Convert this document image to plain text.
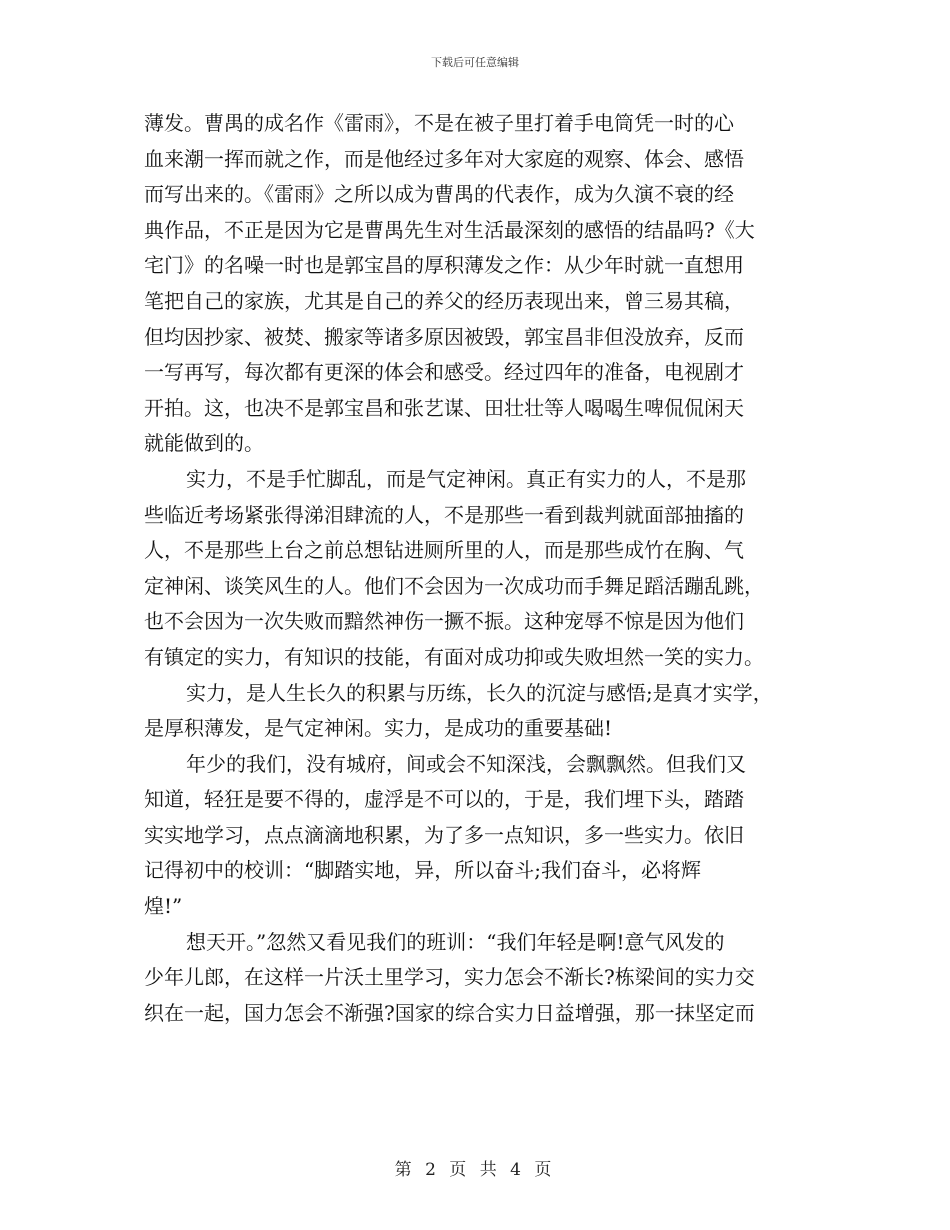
下载后可任意编辑
薄发。曹禺的成名作《雷雨》，不是在被子里打着手电筒凭一时的心
血来潮一挥而就之作，而是他经过多年对大家庭的观察、体会、感悟
而写出来的。《雷雨》之所以成为曹禺的代表作，成为久演不衰的经
典作品，不正是因为它是曹禺先生对生活最深刻的感悟的结晶吗?《大
宅门》的名噪一时也是郭宝昌的厚积薄发之作：从少年时就一直想用
笔把自己的家族，尤其是自己的养父的经历表现出来，曾三易其稿，
但均因抄家、被焚、搬家等诸多原因被毁，郭宝昌非但没放弃，反而
一写再写，每次都有更深的体会和感受。经过四年的准备，电视剧才
开拍。这，也决不是郭宝昌和张艺谋、田壮壮等人喝喝生啤侃侃闲天
就能做到的。
实力，不是手忙脚乱，而是气定神闲。真正有实力的人，不是那
些临近考场紧张得涕泪肆流的人，不是那些一看到裁判就面部抽搐的
人，不是那些上台之前总想钻进厕所里的人，而是那些成竹在胸、气
定神闲、谈笑风生的人。他们不会因为一次成功而手舞足蹈活蹦乱跳，
也不会因为一次失败而黯然神伤一撅不振。这种宠辱不惊是因为他们
有镇定的实力，有知识的技能，有面对成功抑或失败坦然一笑的实力。
实力，是人生长久的积累与历练，长久的沉淀与感悟;是真才实学，
是厚积薄发，是气定神闲。实力，是成功的重要基础!
年少的我们，没有城府，间或会不知深浅，会飘飘然。但我们又
知道，轻狂是要不得的，虚浮是不可以的，于是，我们埋下头，踏踏
实实地学习，点点滴滴地积累，为了多一点知识，多一些实力。依旧
记得初中的校训：“脚踏实地，异，所以奋斗;我们奋斗，必将辉
煌!”
想天开。”忽然又看见我们的班训：“我们年轻是啊!意气风发的
少年儿郎，在这样一片沃土里学习，实力怎会不渐长?栋梁间的实力交
织在一起，国力怎会不渐强?国家的综合实力日益增强，那一抹坚定而
第 2 页 共 4 页
